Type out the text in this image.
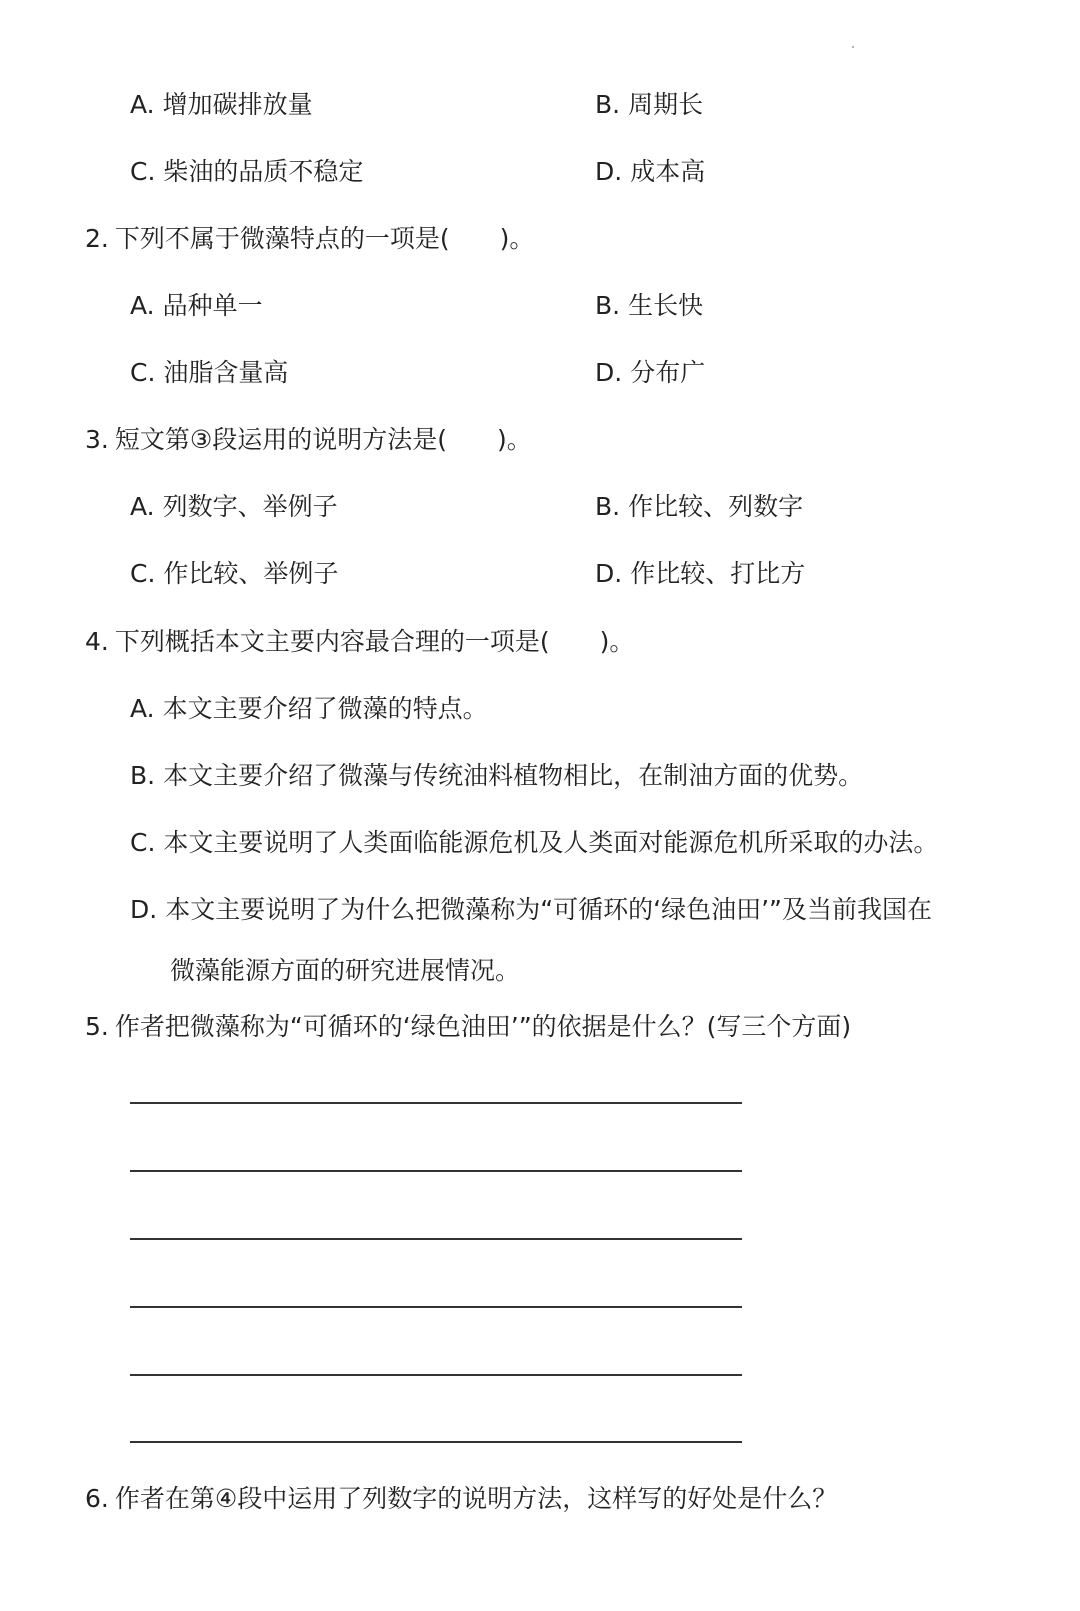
A. 增加碳排放量	B. 周期长
C. 柴油的品质不稳定	D. 成本高
2. 下列不属于微藻特点的一项是(　　)。
A. 品种单一	B. 生长快
C. 油脂含量高	D. 分布广
3. 短文第③段运用的说明方法是(　　)。
A. 列数字、举例子	B. 作比较、列数字
C. 作比较、举例子	D. 作比较、打比方
4. 下列概括本文主要内容最合理的一项是(　　)。
A. 本文主要介绍了微藻的特点。
B. 本文主要介绍了微藻与传统油料植物相比，在制油方面的优势。
C. 本文主要说明了人类面临能源危机及人类面对能源危机所采取的办法。
D. 本文主要说明了为什么把微藻称为“可循环的‘绿色油田’”及当前我国在
微藻能源方面的研究进展情况。
5. 作者把微藻称为“可循环的‘绿色油田’”的依据是什么？(写三个方面)
6. 作者在第④段中运用了列数字的说明方法，这样写的好处是什么？
